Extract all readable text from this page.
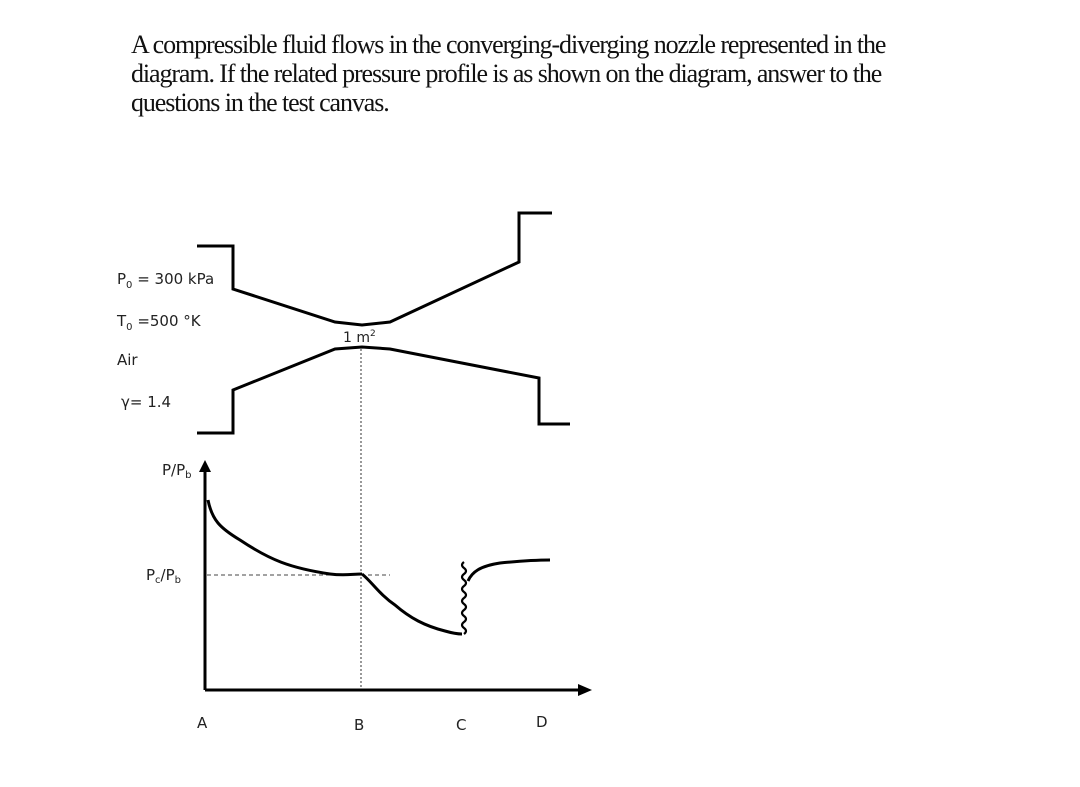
A compressible fluid flows in the converging-diverging nozzle represented in the diagram. If the related pressure profile is as shown on the diagram, answer to the questions in the test canvas.
$P_0 = 300$ kPa
$T_0 =500$ °K
Air
γ= 1.4
1 $m^2$
$P/P_b$
$P_c/P_b$
A	B	C	D
